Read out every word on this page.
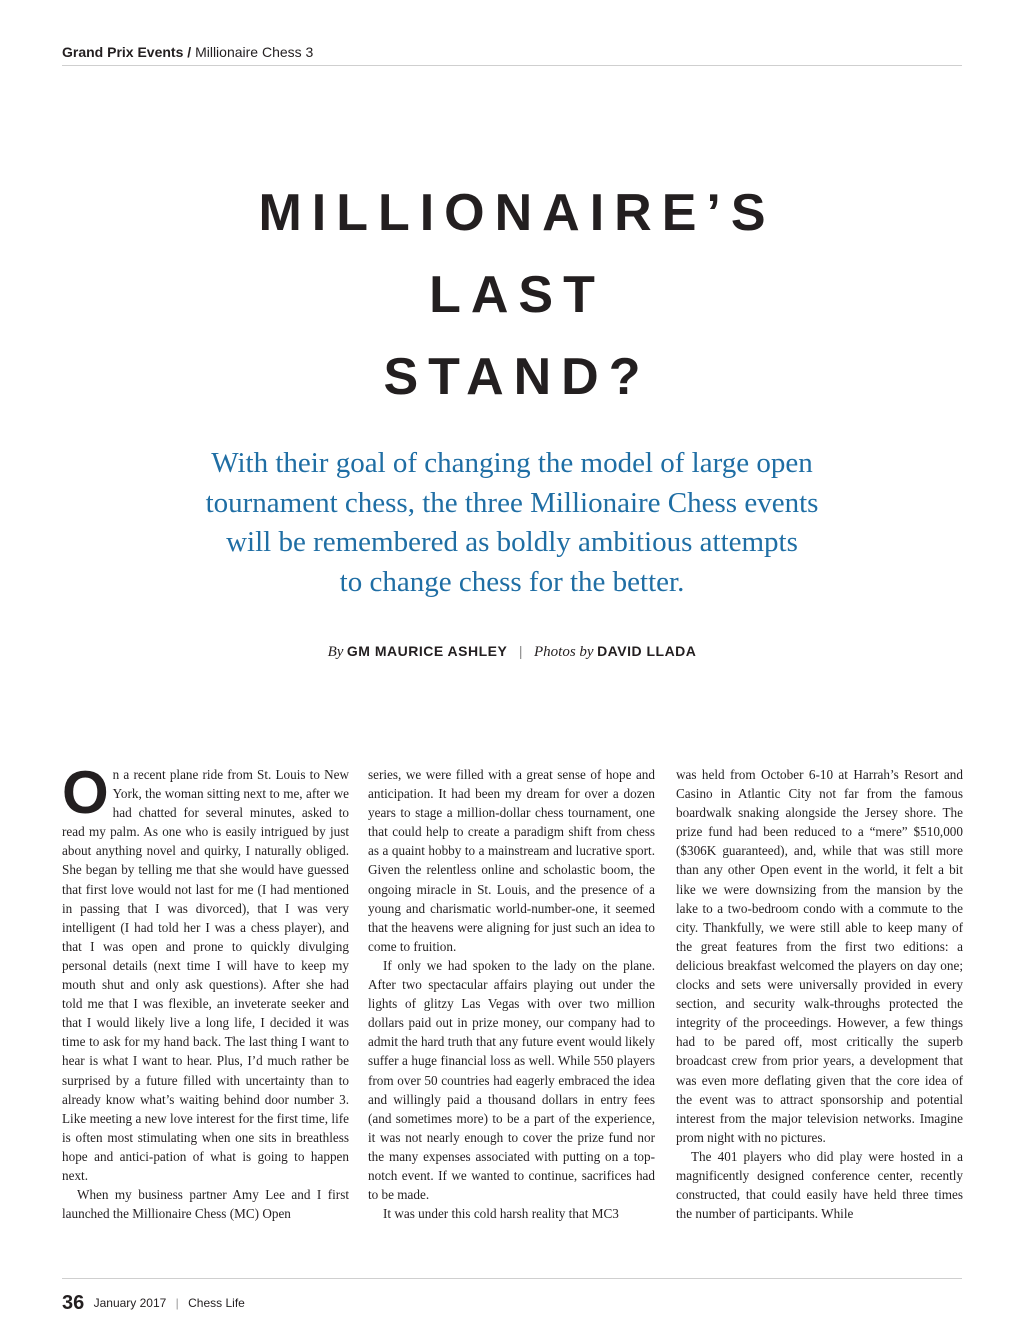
Grand Prix Events / Millionaire Chess 3
MILLIONAIRE’S
LAST
STAND?
With their goal of changing the model of large open
tournament chess, the three Millionaire Chess events
will be remembered as boldly ambitious attempts
to change chess for the better.
By GM MAURICE ASHLEY | Photos by DAVID LLADA

On a recent plane ride from St. Louis to New York, the woman sitting next to me, after we had chatted for several minutes, asked to read my palm. As one who is easily intrigued by just about anything novel and quirky, I naturally obliged. She began by telling me that she would have guessed that first love would not last for me (I had mentioned in passing that I was divorced), that I was very intelligent (I had told her I was a chess player), and that I was open and prone to quickly divulging personal details (next time I will have to keep my mouth shut and only ask questions). After she had told me that I was flexible, an inveterate seeker and that I would likely live a long life, I decided it was time to ask for my hand back. The last thing I want to hear is what I want to hear. Plus, I’d much rather be surprised by a future filled with uncertainty than to already know what’s waiting behind door number 3. Like meeting a new love interest for the first time, life is often most stimulating when one sits in breathless hope and antici-pation of what is going to happen next.

When my business partner Amy Lee and I first launched the Millionaire Chess (MC) Open

series, we were filled with a great sense of hope and anticipation. It had been my dream for over a dozen years to stage a million-dollar chess tournament, one that could help to create a paradigm shift from chess as a quaint hobby to a mainstream and lucrative sport. Given the relentless online and scholastic boom, the ongoing miracle in St. Louis, and the presence of a young and charismatic world-number-one, it seemed that the heavens were aligning for just such an idea to come to fruition.

If only we had spoken to the lady on the plane. After two spectacular affairs playing out under the lights of glitzy Las Vegas with over two million dollars paid out in prize money, our company had to admit the hard truth that any future event would likely suffer a huge financial loss as well. While 550 players from over 50 countries had eagerly embraced the idea and willingly paid a thousand dollars in entry fees (and sometimes more) to be a part of the experience, it was not nearly enough to cover the prize fund nor the many expenses associated with putting on a top-notch event. If we wanted to continue, sacrifices had to be made.

It was under this cold harsh reality that MC3

was held from October 6-10 at Harrah’s Resort and Casino in Atlantic City not far from the famous boardwalk snaking alongside the Jersey shore. The prize fund had been reduced to a “mere” $510,000 ($306K guaranteed), and, while that was still more than any other Open event in the world, it felt a bit like we were downsizing from the mansion by the lake to a two-bedroom condo with a commute to the city. Thankfully, we were still able to keep many of the great features from the first two editions: a delicious breakfast welcomed the players on day one; clocks and sets were universally provided in every section, and security walk-throughs protected the integrity of the proceedings. However, a few things had to be pared off, most critically the superb broadcast crew from prior years, a development that was even more deflating given that the core idea of the event was to attract sponsorship and potential interest from the major television networks. Imagine prom night with no pictures.

The 401 players who did play were hosted in a magnificently designed conference center, recently constructed, that could easily have held three times the number of participants. While

36 January 2017 | Chess Life
